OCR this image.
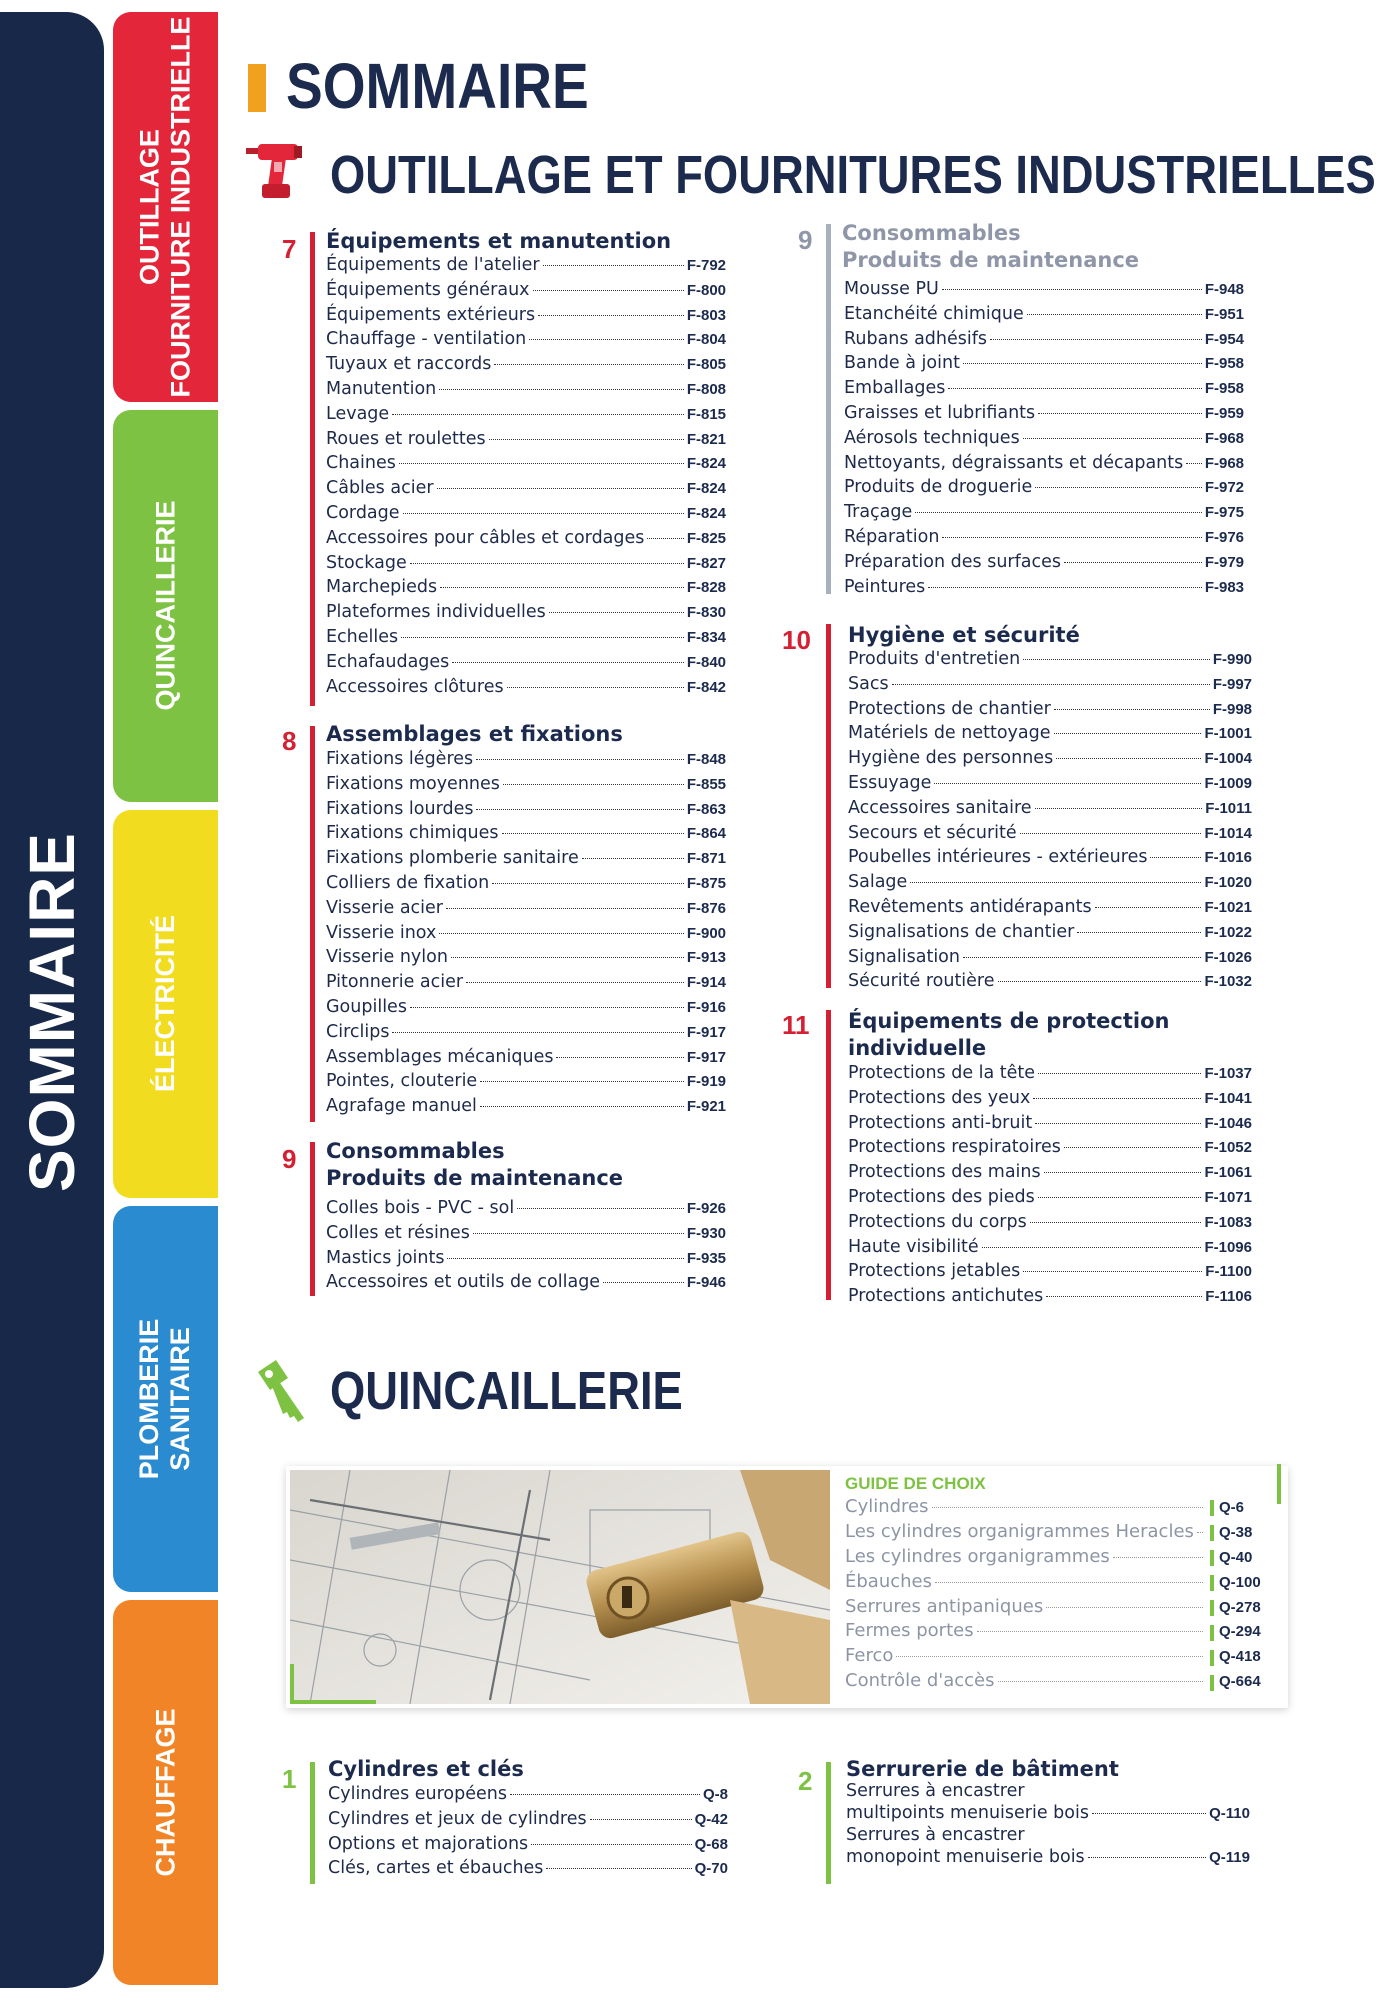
SOMMAIRE
OUTILLAGE
FOURNITURE INDUSTRIELLE
QUINCAILLERIE
ÉLECTRICITÉ
PLOMBERIE
SANITAIRE
CHAUFFAGE
SOMMAIRE
OUTILLAGE ET FOURNITURES INDUSTRIELLES
7 Équipements et manutention
Équipements de l'atelier	F-792
Équipements généraux	F-800
Équipements extérieurs	F-803
Chauffage - ventilation	F-804
Tuyaux et raccords	F-805
Manutention	F-808
Levage	F-815
Roues et roulettes	F-821
Chaines	F-824
Câbles acier	F-824
Cordage	F-824
Accessoires pour câbles et cordages	F-825
Stockage	F-827
Marchepieds	F-828
Plateformes individuelles	F-830
Echelles	F-834
Echafaudages	F-840
Accessoires clôtures	F-842
8 Assemblages et fixations
Fixations légères	F-848
Fixations moyennes	F-855
Fixations lourdes	F-863
Fixations chimiques	F-864
Fixations plomberie sanitaire	F-871
Colliers de fixation	F-875
Visserie acier	F-876
Visserie inox	F-900
Visserie nylon	F-913
Pitonnerie acier	F-914
Goupilles	F-916
Circlips	F-917
Assemblages mécaniques	F-917
Pointes, clouterie	F-919
Agrafage manuel	F-921
9 Consommables
Produits de maintenance
Colles bois - PVC - sol	F-926
Colles et résines	F-930
Mastics joints	F-935
Accessoires et outils de collage	F-946
9 Consommables
Produits de maintenance
Mousse PU	F-948
Etanchéité chimique	F-951
Rubans adhésifs	F-954
Bande à joint	F-958
Emballages	F-958
Graisses et lubrifiants	F-959
Aérosols techniques	F-968
Nettoyants, dégraissants et décapants F-968
Produits de droguerie	F-972
Traçage	F-975
Réparation	F-976
Préparation des surfaces	F-979
Peintures	F-983
10 Hygiène et sécurité
Produits d'entretien	F-990
Sacs	F-997
Protections de chantier	F-998
Matériels de nettoyage	F-1001
Hygiène des personnes	F-1004
Essuyage	F-1009
Accessoires sanitaire	F-1011
Secours et sécurité	F-1014
Poubelles intérieures - extérieures	F-1016
Salage	F-1020
Revêtements antidérapants	F-1021
Signalisations de chantier	F-1022
Signalisation	F-1026
Sécurité routière	F-1032
11 Équipements de protection
individuelle
Protections de la tête	F-1037
Protections des yeux	F-1041
Protections anti-bruit	F-1046
Protections respiratoires	F-1052
Protections des mains	F-1061
Protections des pieds	F-1071
Protections du corps	F-1083
Haute visibilité	F-1096
Protections jetables	F-1100
Protections antichutes	F-1106
QUINCAILLERIE
GUIDE DE CHOIX
Cylindres	Q-6
Les cylindres organigrammes Heracles Q-38
Les cylindres organigrammes	Q-40
Ébauches	Q-100
Serrures antipaniques	Q-278
Fermes portes	Q-294
Ferco	Q-418
Contrôle d'accès	Q-664
1 Cylindres et clés
Cylindres européens	Q-8
Cylindres et jeux de cylindres	Q-42
Options et majorations	Q-68
Clés, cartes et ébauches	Q-70
2 Serrurerie de bâtiment
Serrures à encastrer
multipoints menuiserie bois	Q-110
Serrures à encastrer
monopoint menuiserie bois	Q-119
